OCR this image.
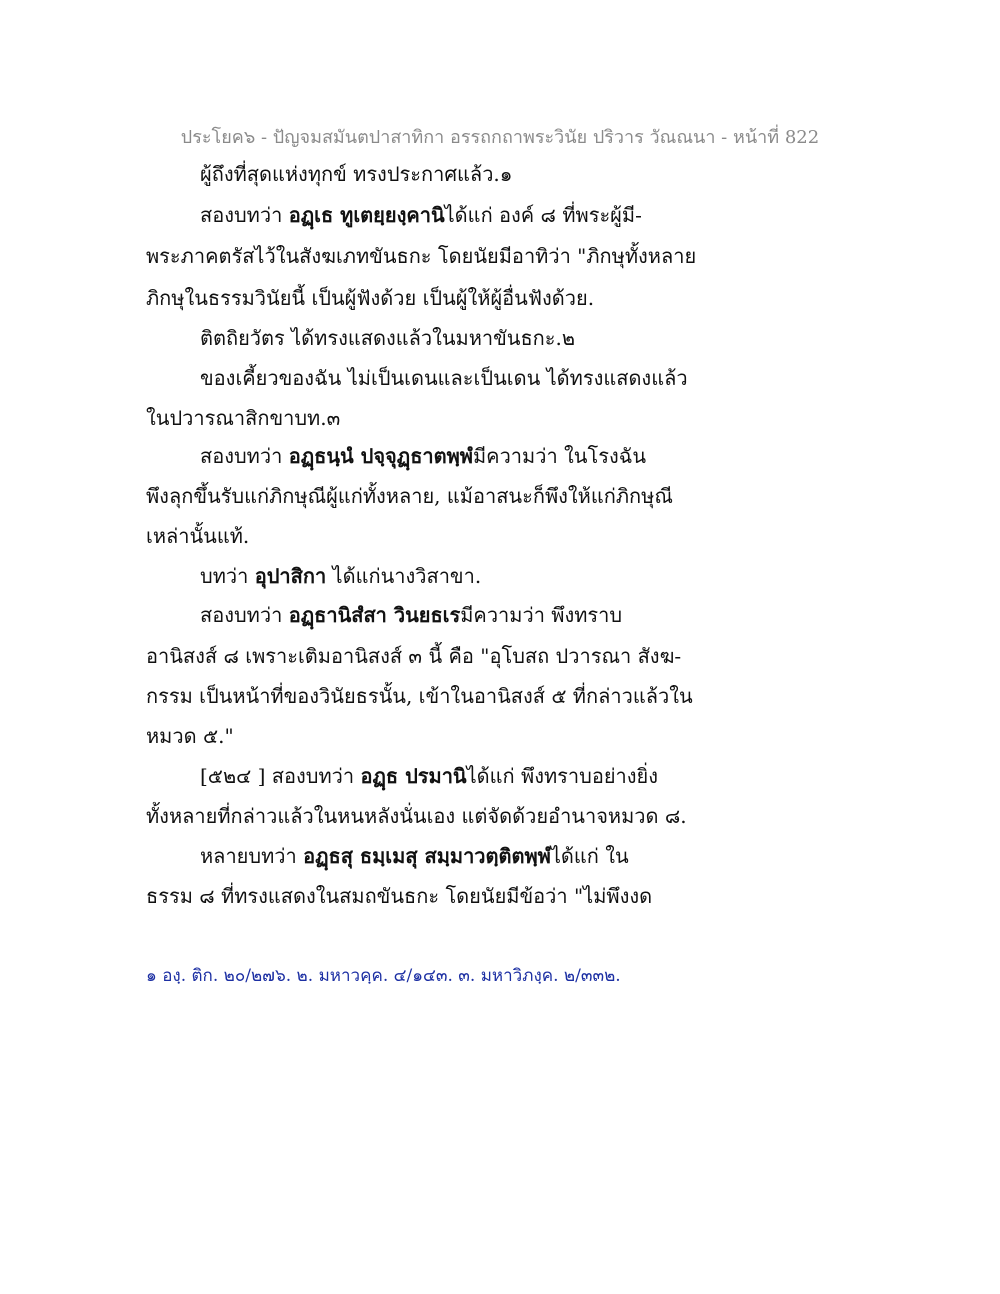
ประโยค๖ - ปัญจมสมันตปาสาทิกา อรรถกถาพระวินัย ปริวาร วัณณนา - หน้าที่ 822
ผู้ถึงที่สุดแห่งทุกข์ ทรงประกาศแล้ว.๑
สองบทว่า อฏฺเธ ทูเตยฺยงฺคานิได้แก่ องค์ ๘ ที่พระผู้มี-
พระภาคตรัสไว้ในสังฆเภทขันธกะ โดยนัยมีอาทิว่า "ภิกษุทั้งหลาย
ภิกษุในธรรมวินัยนี้ เป็นผู้ฟังด้วย เป็นผู้ให้ผู้อื่นฟังด้วย.
ติตถิยวัตร ได้ทรงแสดงแล้วในมหาขันธกะ.๒
ของเคี้ยวของฉัน ไม่เป็นเดนและเป็นเดน ได้ทรงแสดงแล้ว
ในปวารณาสิกขาบท.๓
สองบทว่า อฏฺธนฺนํ ปจฺจุฏฺธาตพฺพํมีความว่า ในโรงฉัน
พึงลุกขึ้นรับแก่ภิกษุณีผู้แก่ทั้งหลาย, แม้อาสนะก็พึงให้แก่ภิกษุณี
เหล่านั้นแท้.
บทว่า อุปาสิกา ได้แก่นางวิสาขา.
สองบทว่า อฏฺธานิสํสา วินยธเรมีความว่า พึงทราบ
อานิสงส์ ๘ เพราะเติมอานิสงส์ ๓ นี้ คือ "อุโบสถ ปวารณา สังฆ-
กรรม เป็นหน้าที่ของวินัยธรนั้น, เข้าในอานิสงส์ ๕ ที่กล่าวแล้วใน
หมวด ๕."
[๕๒๔ ] สองบทว่า อฏฺธ ปรมานิได้แก่ พึงทราบอย่างยิ่ง
ทั้งหลายที่กล่าวแล้วในหนหลังนั่นเอง แต่จัดด้วยอำนาจหมวด ๘.
หลายบทว่า อฏฺธสุ ธมฺเมสุ สมฺมาวตฺติตพฺพํได้แก่ ใน
ธรรม ๘ ที่ทรงแสดงในสมถขันธกะ โดยนัยมีข้อว่า "ไม่พึงงด
๑ องฺ. ติก. ๒๐/๒๗๖. ๒. มหาวคฺค. ๔/๑๔๓. ๓. มหาวิภงฺค. ๒/๓๓๒.
